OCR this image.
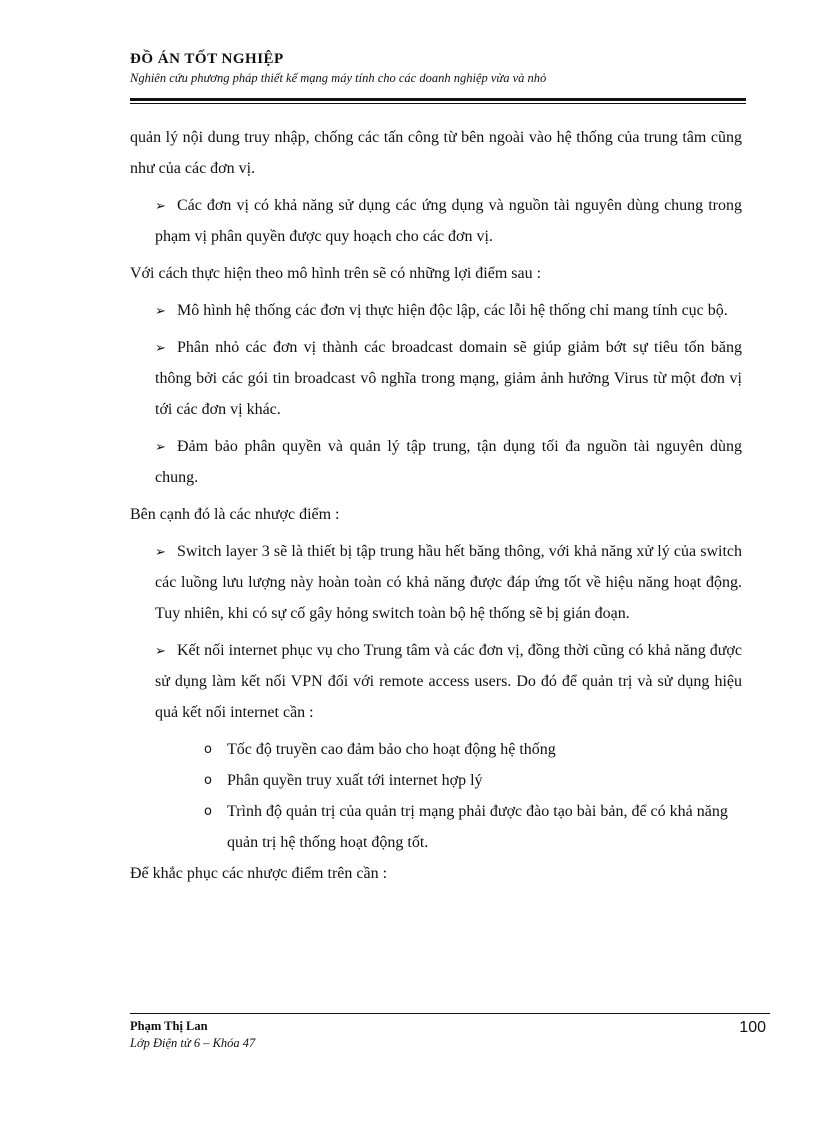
ĐỒ ÁN TỐT NGHIỆP
Nghiên cứu phương pháp thiết kế mạng máy tính cho các doanh nghiệp vừa và nhỏ

quản lý nội dung truy nhập, chống các tấn công từ bên ngoài vào hệ thống của trung tâm cũng như của các đơn vị.

➢ Các đơn vị có khả năng sử dụng các ứng dụng và nguồn tài nguyên dùng chung trong phạm vị phân quyền được quy hoạch cho các đơn vị.

Với cách thực hiện theo mô hình trên sẽ có những lợi điểm sau :

➢ Mô hình hệ thống các đơn vị thực hiện độc lập, các lỗi hệ thống chỉ mang tính cục bộ.

➢ Phân nhỏ các đơn vị thành các broadcast domain sẽ giúp giảm bớt sự tiêu tốn băng thông bởi các gói tin broadcast vô nghĩa trong mạng, giảm ảnh hưởng Virus từ một đơn vị tới các đơn vị khác.

➢ Đảm bảo phân quyền và quản lý tập trung, tận dụng tối đa nguồn tài nguyên dùng chung.

Bên cạnh đó là các nhược điểm :

➢ Switch layer 3 sẽ là thiết bị tập trung hầu hết băng thông, với khả năng xử lý của switch các luồng lưu lượng này hoàn toàn có khả năng được đáp ứng tốt về hiệu năng hoạt động. Tuy nhiên, khi có sự cố gây hỏng switch toàn bộ hệ thống sẽ bị gián đoạn.

➢ Kết nối internet phục vụ cho Trung tâm và các đơn vị, đồng thời cũng có khả năng được sử dụng làm kết nối VPN đối với remote access users. Do đó để quản trị và sử dụng hiệu quả kết nối internet cần :

o Tốc độ truyền cao đảm bảo cho hoạt động hệ thống
o Phân quyền truy xuất tới internet hợp lý
o Trình độ quản trị của quản trị mạng phải được đào tạo bài bản, để có khả năng quản trị hệ thống hoạt động tốt.

Để khắc phục các nhược điểm trên cần :

Phạm Thị Lan
Lớp Điện tử 6 – Khóa 47
100
